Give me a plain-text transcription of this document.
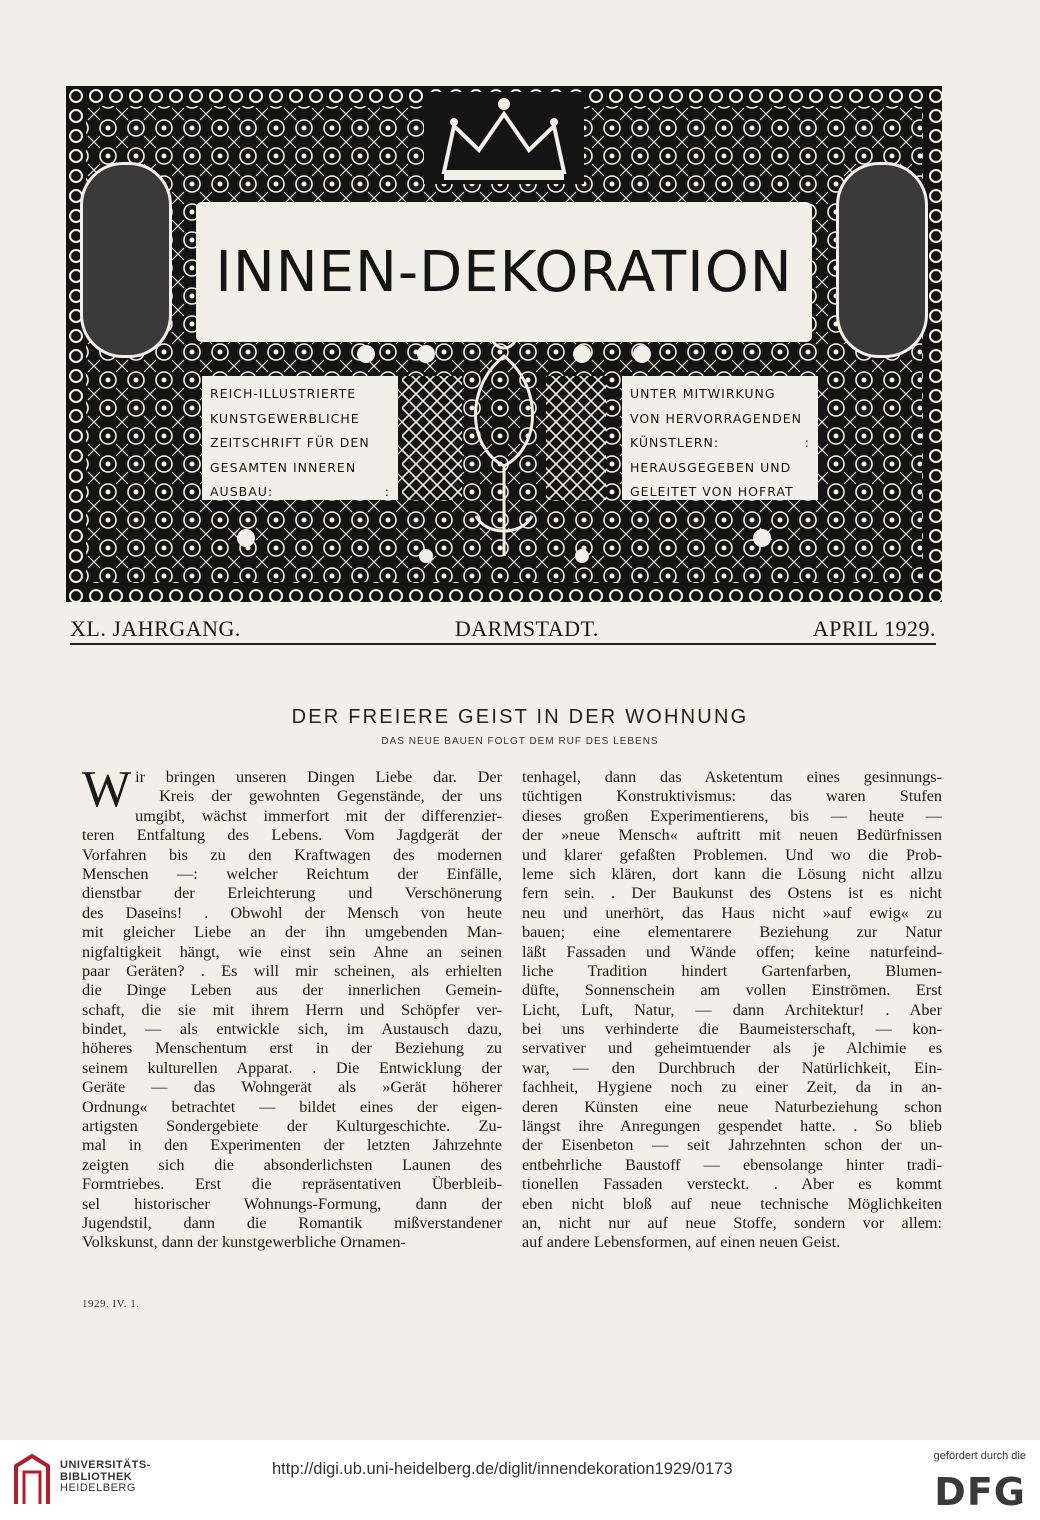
INNEN-DEKORATION
REICH-ILLUSTRIERTE
KUNSTGEWERBLICHE
ZEITSCHRIFT FÜR DEN
GESAMTEN INNEREN
AUSBAU:	:
UNTER MITWIRKUNG
VON HERVORRAGENDEN
KÜNSTLERN:	:
HERAUSGEGEBEN UND
GELEITET VON HOFRAT
XL. JAHRGANG.	DARMSTADT.	APRIL 1929.
DER FREIERE GEIST IN DER WOHNUNG
DAS NEUE BAUEN FOLGT DEM RUF DES LEBENS
W ir bringen unseren Dingen Liebe dar. Der
Kreis der gewohnten Gegenstände, der uns
umgibt, wächst immerfort mit der differenzier-
teren Entfaltung des Lebens. Vom Jagdgerät der
Vorfahren bis zu den Kraftwagen des modernen
Menschen —: welcher Reichtum der Einfälle,
dienstbar der Erleichterung und Verschönerung
des Daseins! . Obwohl der Mensch von heute
mit gleicher Liebe an der ihn umgebenden Man-
nigfaltigkeit hängt, wie einst sein Ahne an seinen
paar Geräten? . Es will mir scheinen, als erhielten
die Dinge Leben aus der innerlichen Gemein-
schaft, die sie mit ihrem Herrn und Schöpfer ver-
bindet, — als entwickle sich, im Austausch dazu,
höheres Menschentum erst in der Beziehung zu
seinem kulturellen Apparat. . Die Entwicklung der
Geräte — das Wohngerät als »Gerät höherer
Ordnung« betrachtet — bildet eines der eigen-
artigsten Sondergebiete der Kulturgeschichte. Zu-
mal in den Experimenten der letzten Jahrzehnte
zeigten sich die absonderlichsten Launen des
Formtriebes. Erst die repräsentativen Überbleib-
sel historischer Wohnungs-Formung, dann der
Jugendstil, dann die Romantik mißverstandener
Volkskunst, dann der kunstgewerbliche Ornamen-
tenhagel, dann das Asketentum eines gesinnungs-
tüchtigen Konstruktivismus: das waren Stufen
dieses großen Experimentierens, bis — heute —
der »neue Mensch« auftritt mit neuen Bedürfnissen
und klarer gefaßten Problemen. Und wo die Prob-
leme sich klären, dort kann die Lösung nicht allzu
fern sein. . Der Baukunst des Ostens ist es nicht
neu und unerhört, das Haus nicht »auf ewig« zu
bauen; eine elementarere Beziehung zur Natur
läßt Fassaden und Wände offen; keine naturfeind-
liche Tradition hindert Gartenfarben, Blumen-
düfte, Sonnenschein am vollen Einströmen. Erst
Licht, Luft, Natur, — dann Architektur! . Aber
bei uns verhinderte die Baumeisterschaft, — kon-
servativer und geheimtuender als je Alchimie es
war, — den Durchbruch der Natürlichkeit, Ein-
fachheit, Hygiene noch zu einer Zeit, da in an-
deren Künsten eine neue Naturbeziehung schon
längst ihre Anregungen gespendet hatte. . So blieb
der Eisenbeton — seit Jahrzehnten schon der un-
entbehrliche Baustoff — ebensolange hinter tradi-
tionellen Fassaden versteckt. . Aber es kommt
eben nicht bloß auf neue technische Möglichkeiten
an, nicht nur auf neue Stoffe, sondern vor allem:
auf andere Lebensformen, auf einen neuen Geist.
1929. IV. 1.
UNIVERSITÄTS-
BIBLIOTHEK
HEIDELBERG
http://digi.ub.uni-heidelberg.de/diglit/innendekoration1929/0173
gefördert durch die
DFG
